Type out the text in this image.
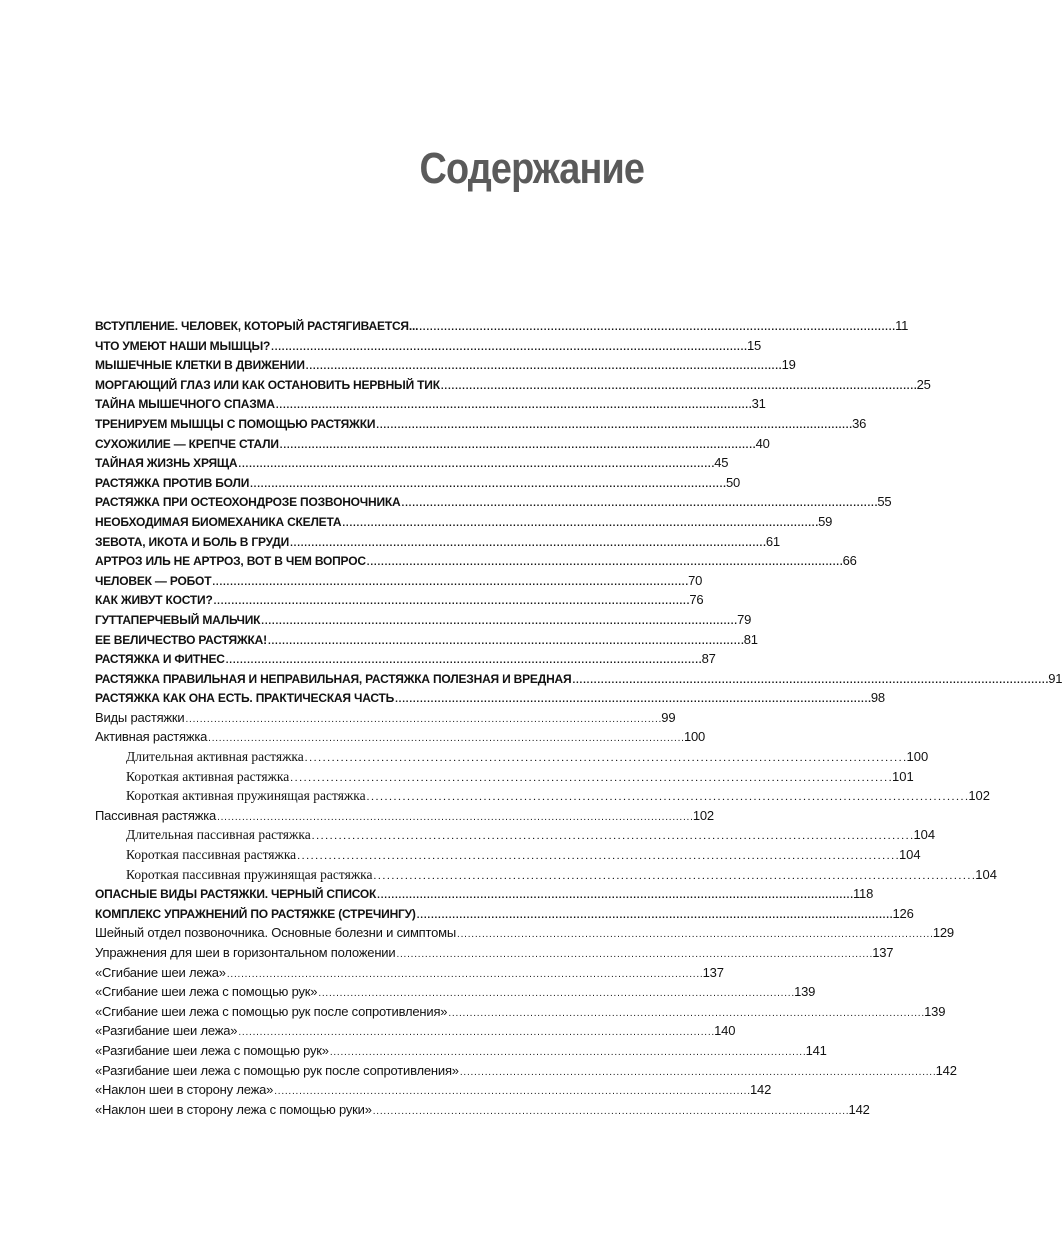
Содержание
ВСТУПЛЕНИЕ. ЧЕЛОВЕК, КОТОРЫЙ РАСТЯГИВАЕТСЯ... . . .	11
ЧТО УМЕЮТ НАШИ МЫШЦЫ? . . .	15
МЫШЕЧНЫЕ КЛЕТКИ В ДВИЖЕНИИ . . .	19
МОРГАЮЩИЙ ГЛАЗ ИЛИ КАК ОСТАНОВИТЬ НЕРВНЫЙ ТИК . . .	25
ТАЙНА МЫШЕЧНОГО СПАЗМА . . .	31
ТРЕНИРУЕМ МЫШЦЫ С ПОМОЩЬЮ РАСТЯЖКИ . . .	36
СУХОЖИЛИЕ — КРЕПЧЕ СТАЛИ . . .	40
ТАЙНАЯ ЖИЗНЬ ХРЯЩА . . .	45
РАСТЯЖКА ПРОТИВ БОЛИ . . .	50
РАСТЯЖКА ПРИ ОСТЕОХОНДРОЗЕ ПОЗВОНОЧНИКА . . .	55
НЕОБХОДИМАЯ БИОМЕХАНИКА СКЕЛЕТА . . .	59
ЗЕВОТА, ИКОТА И БОЛЬ В ГРУДИ . . .	61
АРТРОЗ ИЛЬ НЕ АРТРОЗ, ВОТ В ЧЕМ ВОПРОС . . .	66
ЧЕЛОВЕК — РОБОТ . . .	70
КАК ЖИВУТ КОСТИ? . . .	76
ГУТТАПЕРЧЕВЫЙ МАЛЬЧИК . . .	79
ЕЕ ВЕЛИЧЕСТВО РАСТЯЖКА! . . .	81
РАСТЯЖКА И ФИТНЕС . . .	87
РАСТЯЖКА ПРАВИЛЬНАЯ И НЕПРАВИЛЬНАЯ, РАСТЯЖКА ПОЛЕЗНАЯ И ВРЕДНАЯ . . .	91
РАСТЯЖКА КАК ОНА ЕСТЬ. ПРАКТИЧЕСКАЯ ЧАСТЬ . . .	98
Виды растяжки . . .	99
Активная растяжка . . .	100
Длительная активная растяжка . . .	100
Короткая активная растяжка . . .	101
Короткая активная пружинящая растяжка . . .	102
Пассивная растяжка . . .	102
Длительная пассивная растяжка . . .	104
Короткая пассивная растяжка . . .	104
Короткая пассивная пружинящая растяжка . . .	104
ОПАСНЫЕ ВИДЫ РАСТЯЖКИ. ЧЕРНЫЙ СПИСОК . . .	118
КОМПЛЕКС УПРАЖНЕНИЙ ПО РАСТЯЖКЕ (СТРЕЧИНГУ) . . .	126
Шейный отдел позвоночника. Основные болезни и симптомы . . .	129
Упражнения для шеи в горизонтальном положении . . .	137
«Сгибание шеи лежа» . . .	137
«Сгибание шеи лежа с помощью рук» . . .	139
«Сгибание шеи лежа с помощью рук после сопротивления» . . .	139
«Разгибание шеи лежа» . . .	140
«Разгибание шеи лежа с помощью рук» . . .	141
«Разгибание шеи лежа с помощью рук после сопротивления» . . .	142
«Наклон шеи в сторону лежа» . . .	142
«Наклон шеи в сторону лежа с помощью руки» . . .	142
